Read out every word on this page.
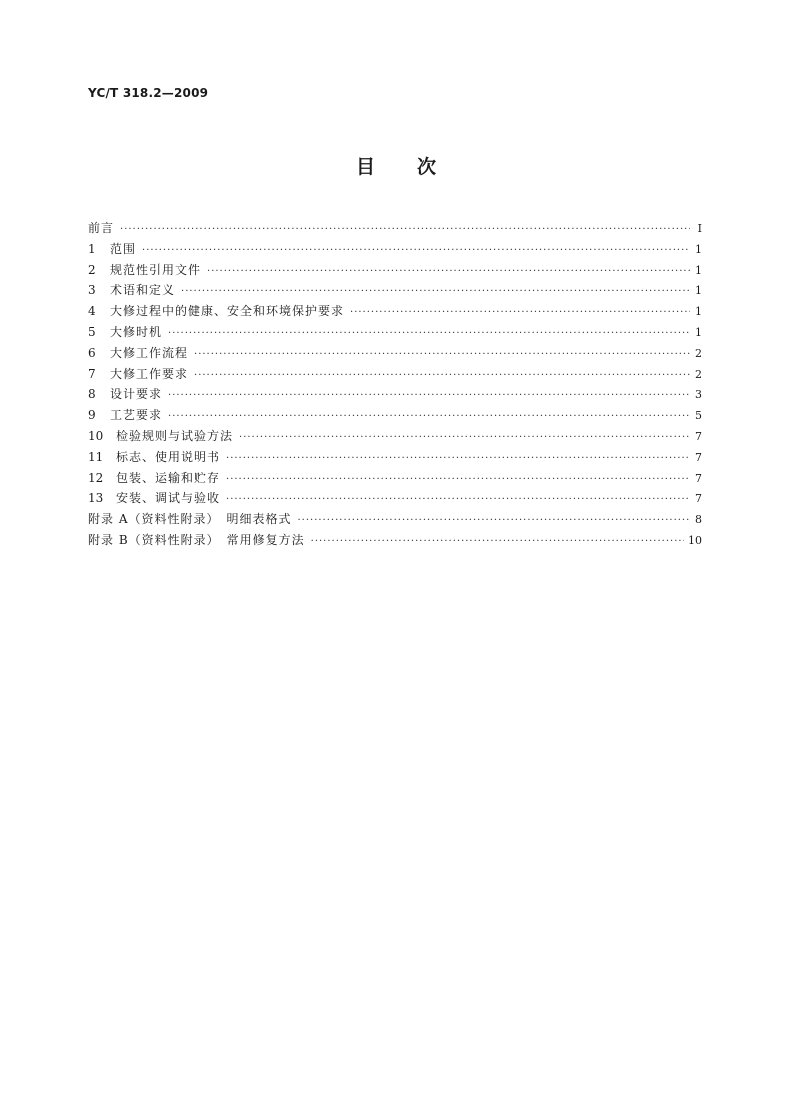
YC/T 318.2—2009
目 次
前言 ·····	Ⅰ
1	范围 ·····	1
2	规范性引用文件 ·····	1
3	术语和定义 ·····	1
4	大修过程中的健康、安全和环境保护要求 ·····	1
5	大修时机 ·····	1
6	大修工作流程 ·····	2
7	大修工作要求 ·····	2
8	设计要求 ·····	3
9	工艺要求 ·····	5
10	检验规则与试验方法 ·····	7
11	标志、使用说明书 ·····	7
12	包装、运输和贮存 ·····	7
13	安装、调试与验收 ·····	7
附录 A（资料性附录）　明细表格式 ·····	8
附录 B（资料性附录）　常用修复方法 ·····	10
